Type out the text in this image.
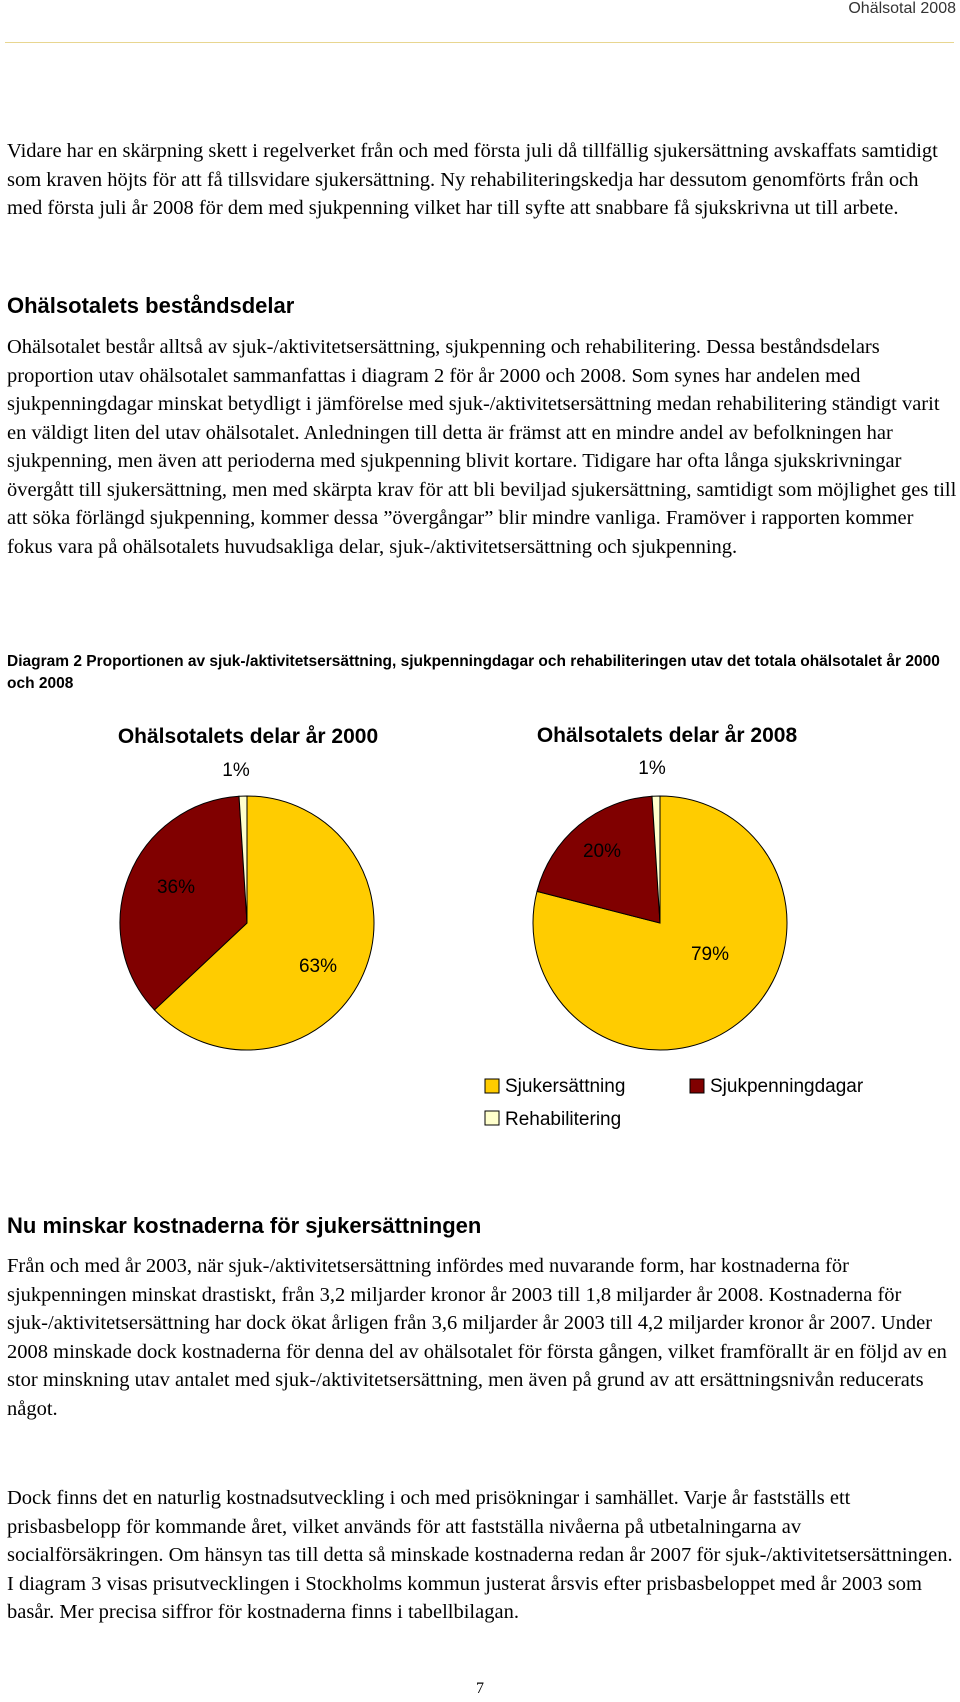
Ohälsotal 2008

Vidare har en skärpning skett i regelverket från och med första juli då tillfällig sjukersättning avskaffats samtidigt som kraven höjts för att få tillsvidare sjukersättning. Ny rehabiliteringskedja har dessutom genomförts från och med första juli år 2008 för dem med sjukpenning vilket har till syfte att snabbare få sjukskrivna ut till arbete.

Ohälsotalets beståndsdelar

Ohälsotalet består alltså av sjuk-/aktivitetsersättning, sjukpenning och rehabilitering. Dessa beståndsdelars proportion utav ohälsotalet sammanfattas i diagram 2 för år 2000 och 2008. Som synes har andelen med sjukpenningdagar minskat betydligt i jämförelse med sjuk-/aktivitetsersättning medan rehabilitering ständigt varit en väldigt liten del utav ohälsotalet. Anledningen till detta är främst att en mindre andel av befolkningen har sjukpenning, men även att perioderna med sjukpenning blivit kortare. Tidigare har ofta långa sjukskrivningar övergått till sjukersättning, men med skärpta krav för att bli beviljad sjukersättning, samtidigt som möjlighet ges till att söka förlängd sjukpenning, kommer dessa ”övergångar” blir mindre vanliga. Framöver i rapporten kommer fokus vara på ohälsotalets huvudsakliga delar, sjuk-/aktivitetsersättning och sjukpenning.

Diagram 2 Proportionen av sjuk-/aktivitetsersättning, sjukpenningdagar och rehabiliteringen utav det totala ohälsotalet år 2000 och 2008

Ohälsotalets delar år 2000
63%
36%
1%
Ohälsotalets delar år 2008
79%
20%
1%
Sjukersättning	Sjukpenningdagar
Rehabilitering
Nu minskar kostnaderna för sjukersättningen

Från och med år 2003, när sjuk-/aktivitetsersättning infördes med nuvarande form, har kostnaderna för sjukpenningen minskat drastiskt, från 3,2 miljarder kronor år 2003 till 1,8 miljarder år 2008. Kostnaderna för sjuk-/aktivitetsersättning har dock ökat årligen från 3,6 miljarder år 2003 till 4,2 miljarder kronor år 2007. Under 2008 minskade dock kostnaderna för denna del av ohälsotalet för första gången, vilket framförallt är en följd av en stor minskning utav antalet med sjuk-/aktivitetsersättning, men även på grund av att ersättningsnivån reducerats något.

Dock finns det en naturlig kostnadsutveckling i och med prisökningar i samhället. Varje år fastställs ett prisbasbelopp för kommande året, vilket används för att fastställa nivåerna på utbetalningarna av socialförsäkringen. Om hänsyn tas till detta så minskade kostnaderna redan år 2007 för sjuk-/aktivitetsersättningen. I diagram 3 visas prisutvecklingen i Stockholms kommun justerat årsvis efter prisbasbeloppet med år 2003 som basår. Mer precisa siffror för kostnaderna finns i tabellbilagan.

7
